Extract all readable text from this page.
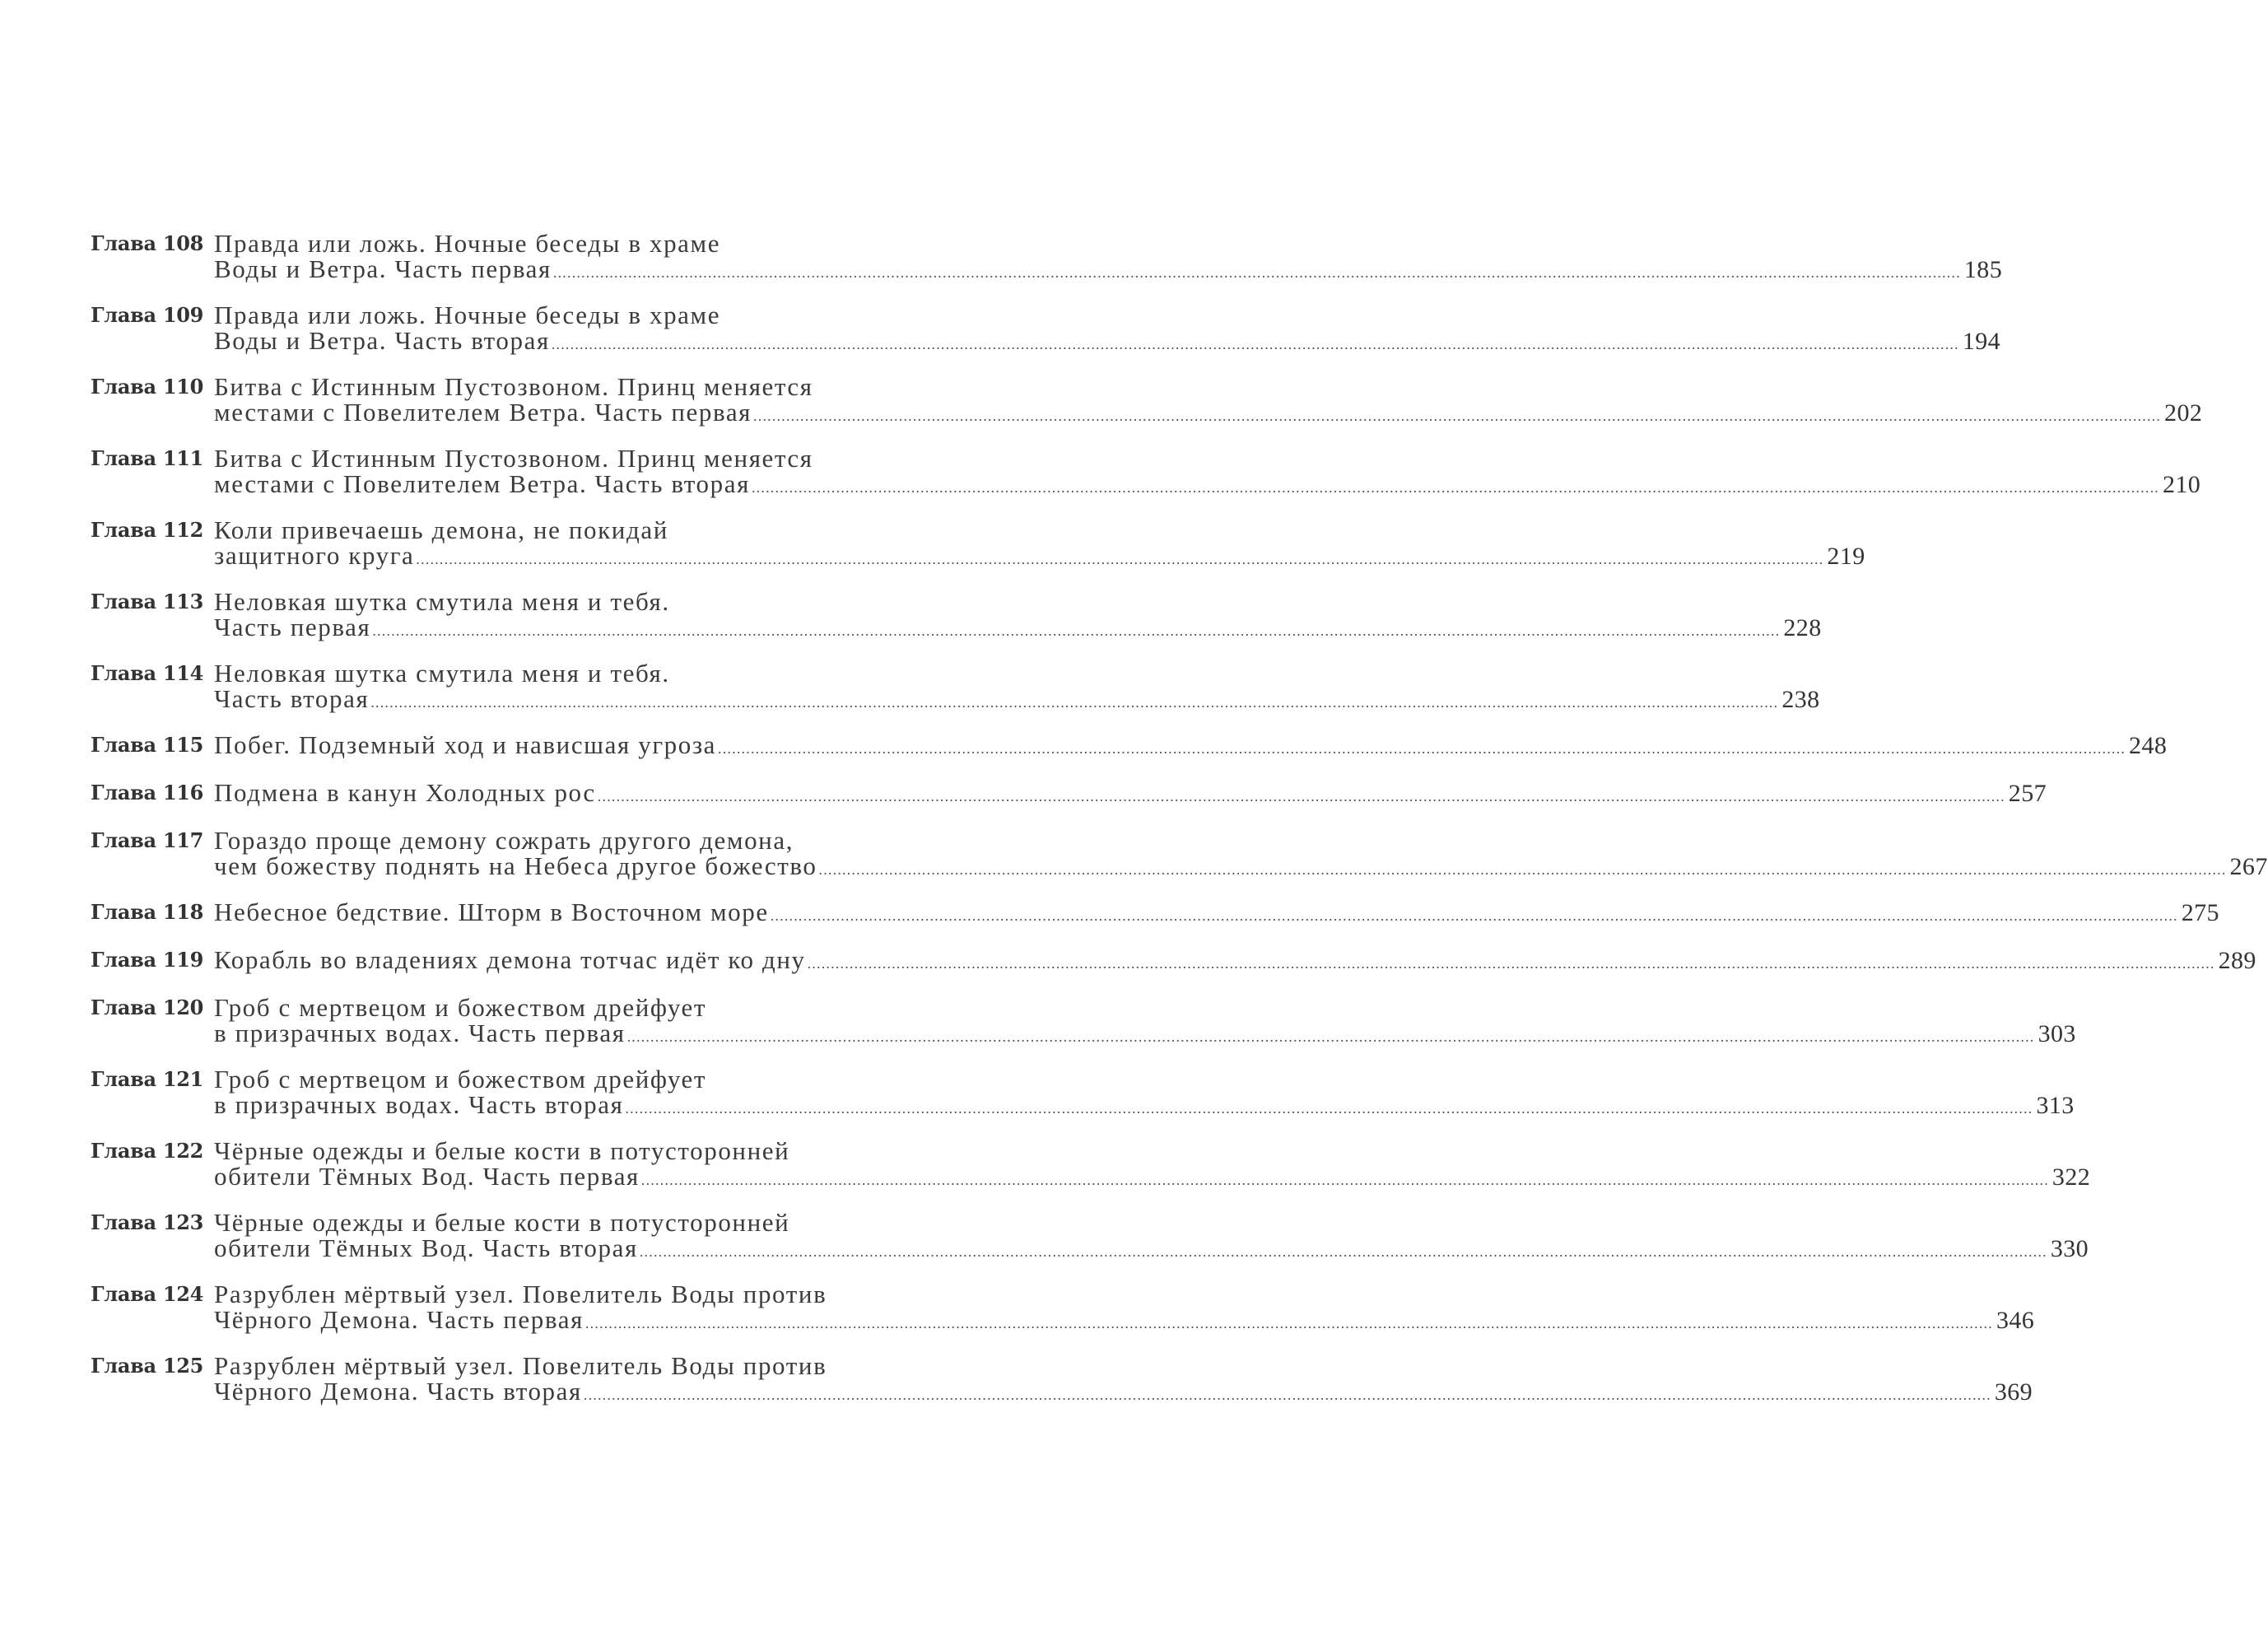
Глава 108 Правда или ложь. Ночные беседы в храме
Воды и Ветра. Часть первая ............................................................................................................................................................................................................................................................................................................ 185
Глава 109 Правда или ложь. Ночные беседы в храме
Воды и Ветра. Часть вторая ............................................................................................................................................................................................................................................................................................................ 194
Глава 110 Битва с Истинным Пустозвоном. Принц меняется
местами с Повелителем Ветра. Часть первая ............................................................................................................................................................................................................................................................................................................ 202
Глава 111 Битва с Истинным Пустозвоном. Принц меняется
местами с Повелителем Ветра. Часть вторая ............................................................................................................................................................................................................................................................................................................ 210
Глава 112 Коли привечаешь демона, не покидай
защитного круга ............................................................................................................................................................................................................................................................................................................ 219
Глава 113 Неловкая шутка смутила меня и тебя.
Часть первая ............................................................................................................................................................................................................................................................................................................ 228
Глава 114 Неловкая шутка смутила меня и тебя.
Часть вторая ............................................................................................................................................................................................................................................................................................................ 238
Глава 115 Побег. Подземный ход и нависшая угроза ............................................................................................................................................................................................................................................................................................................ 248
Глава 116 Подмена в канун Холодных рос ............................................................................................................................................................................................................................................................................................................ 257
Глава 117 Гораздо проще демону сожрать другого демона,
чем божеству поднять на Небеса другое божество ............................................................................................................................................................................................................................................................................................................ 267
Глава 118 Небесное бедствие. Шторм в Восточном море ............................................................................................................................................................................................................................................................................................................ 275
Глава 119 Корабль во владениях демона тотчас идёт ко дну ............................................................................................................................................................................................................................................................................................................ 289
Глава 120 Гроб с мертвецом и божеством дрейфует
в призрачных водах. Часть первая ............................................................................................................................................................................................................................................................................................................ 303
Глава 121 Гроб с мертвецом и божеством дрейфует
в призрачных водах. Часть вторая ............................................................................................................................................................................................................................................................................................................ 313
Глава 122 Чёрные одежды и белые кости в потусторонней
обители Тёмных Вод. Часть первая ............................................................................................................................................................................................................................................................................................................ 322
Глава 123 Чёрные одежды и белые кости в потусторонней
обители Тёмных Вод. Часть вторая ............................................................................................................................................................................................................................................................................................................ 330
Глава 124 Разрублен мёртвый узел. Повелитель Воды против
Чёрного Демона. Часть первая ............................................................................................................................................................................................................................................................................................................ 346
Глава 125 Разрублен мёртвый узел. Повелитель Воды против
Чёрного Демона. Часть вторая ............................................................................................................................................................................................................................................................................................................ 369
